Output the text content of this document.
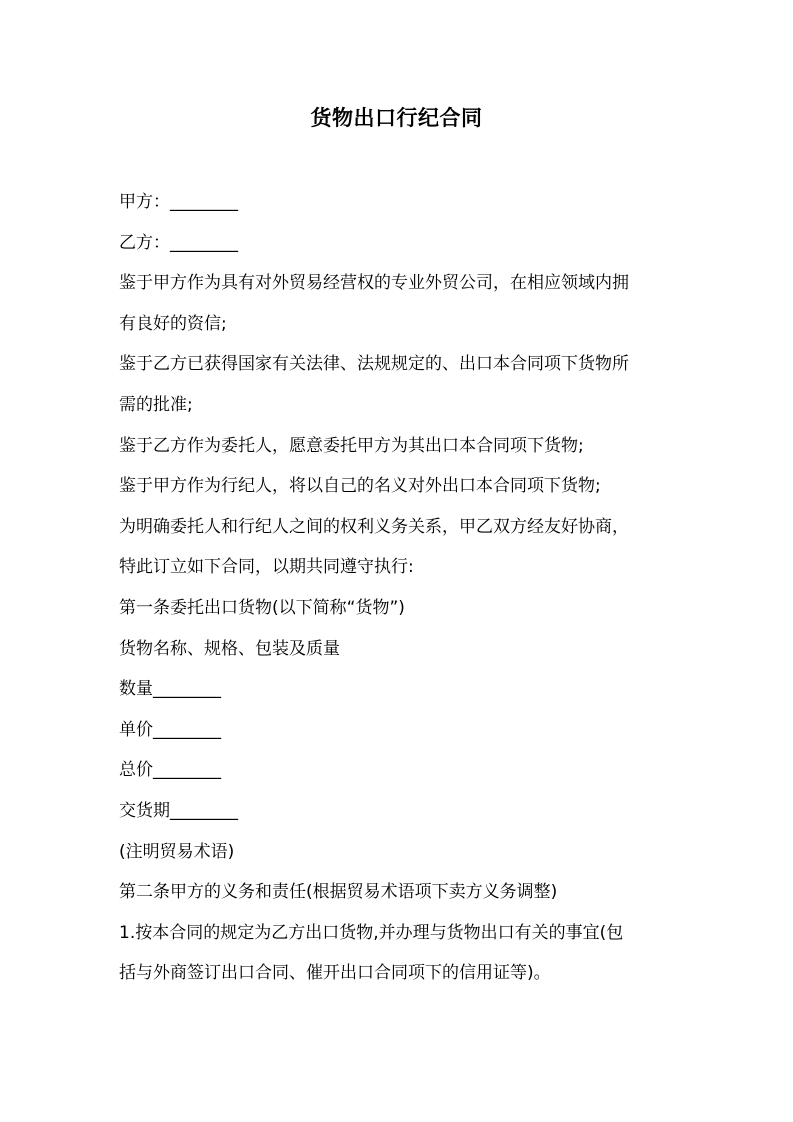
货物出口行纪合同
甲方：________
乙方：________
鉴于甲方作为具有对外贸易经营权的专业外贸公司，在相应领域内拥
有良好的资信;
鉴于乙方已获得国家有关法律、法规规定的、出口本合同项下货物所
需的批准;
鉴于乙方作为委托人，愿意委托甲方为其出口本合同项下货物;
鉴于甲方作为行纪人，将以自己的名义对外出口本合同项下货物;
为明确委托人和行纪人之间的权利义务关系，甲乙双方经友好协商，
特此订立如下合同，以期共同遵守执行:
第一条委托出口货物(以下简称“货物”)
货物名称、规格、包装及质量
数量________
单价________
总价________
交货期________
(注明贸易术语)
第二条甲方的义务和责任(根据贸易术语项下卖方义务调整)
1.按本合同的规定为乙方出口货物,并办理与货物出口有关的事宜(包
括与外商签订出口合同、催开出口合同项下的信用证等)。
